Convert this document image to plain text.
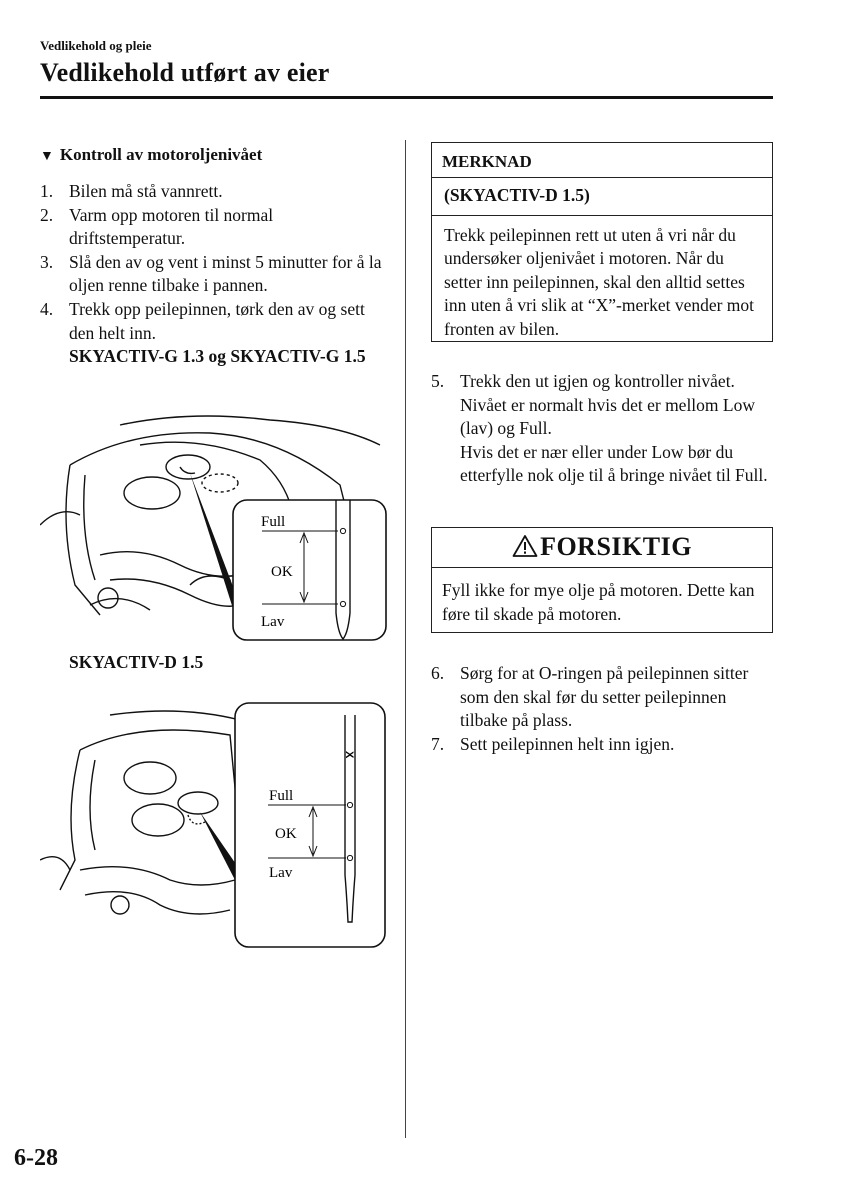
Vedlikehold og pleie
Vedlikehold utført av eier
▼ Kontroll av motoroljenivået
1. Bilen må stå vannrett.
2. Varm opp motoren til normal driftstemperatur.
3. Slå den av og vent i minst 5 minutter for å la oljen renne tilbake i pannen.
4. Trekk opp peilepinnen, tørk den av og sett den helt inn.
SKYACTIV-G 1.3 og SKYACTIV-G 1.5
Full
OK
Lav
SKYACTIV-D 1.5
X
Full
OK
Lav
MERKNAD
(SKYACTIV-D 1.5)
Trekk peilepinnen rett ut uten å vri når du undersøker oljenivået i motoren. Når du setter inn peilepinnen, skal den alltid settes inn uten å vri slik at “X”-merket vender mot fronten av bilen.
5. Trekk den ut igjen og kontroller nivået. Nivået er normalt hvis det er mellom Low (lav) og Full.
Hvis det er nær eller under Low bør du etterfylle nok olje til å bringe nivået til Full.
FORSIKTIG
Fyll ikke for mye olje på motoren. Dette kan føre til skade på motoren.
6. Sørg for at O-ringen på peilepinnen sitter som den skal før du setter peilepinnen tilbake på plass.
7. Sett peilepinnen helt inn igjen.
6-28
